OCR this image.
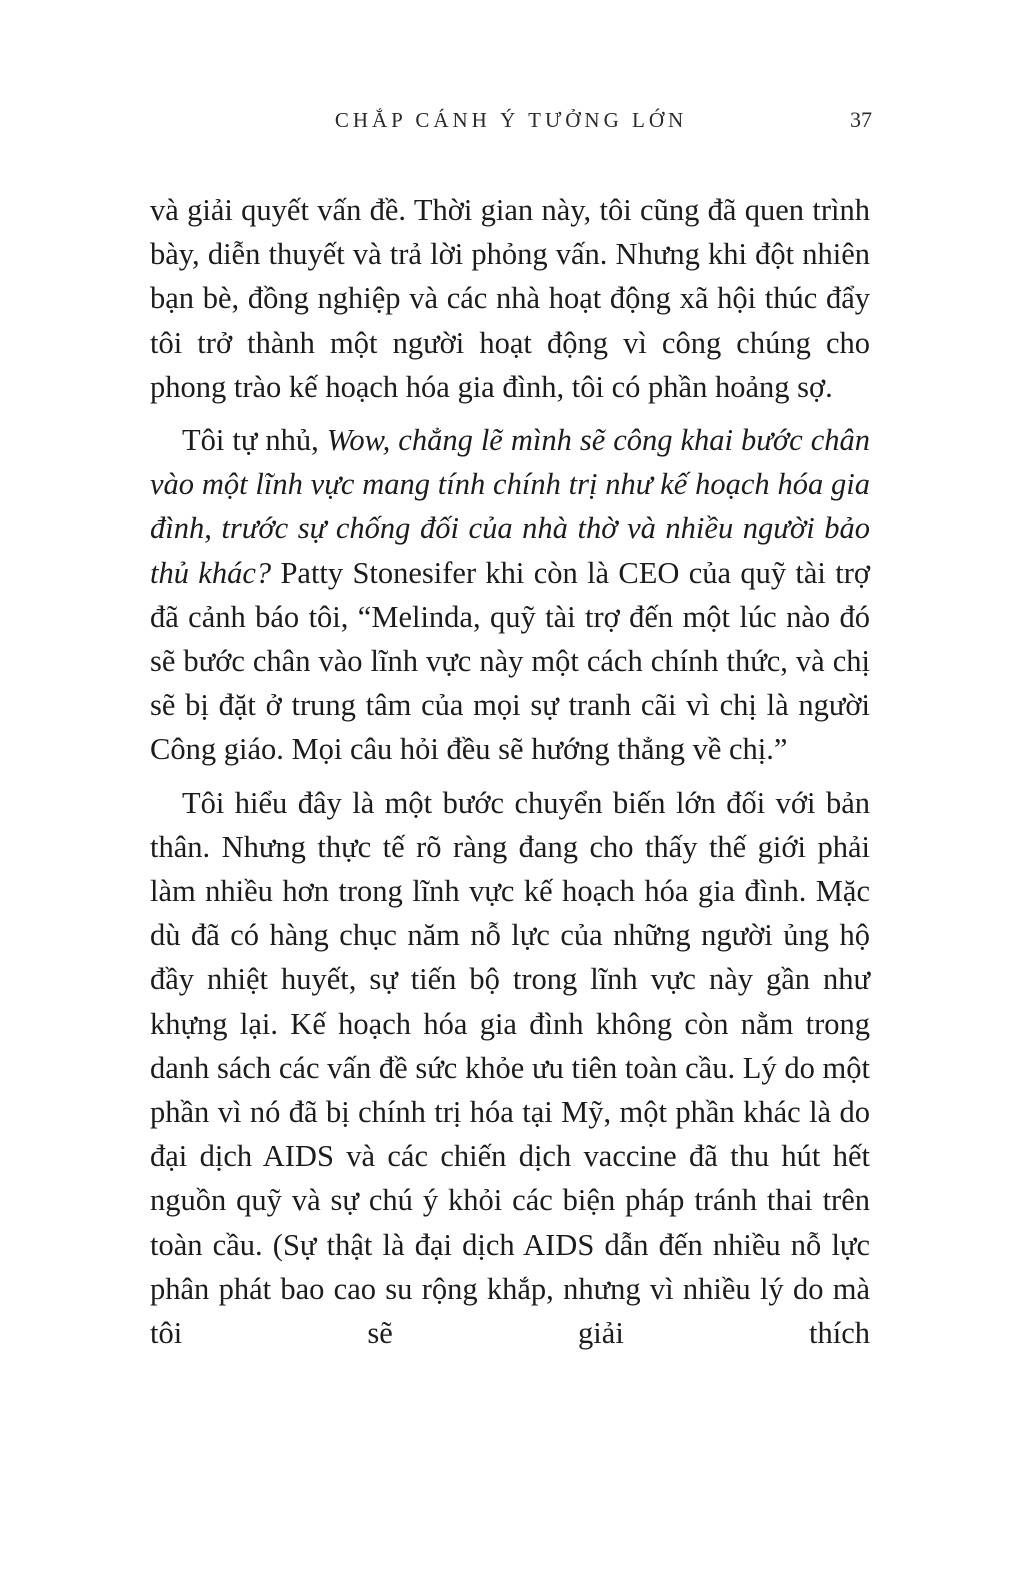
CHẮP CÁNH Ý TƯỞNG LỚN	37

và giải quyết vấn đề. Thời gian này, tôi cũng đã quen trình bày, diễn thuyết và trả lời phỏng vấn. Nhưng khi đột nhiên bạn bè, đồng nghiệp và các nhà hoạt động xã hội thúc đẩy tôi trở thành một người hoạt động vì công chúng cho phong trào kế hoạch hóa gia đình, tôi có phần hoảng sợ.

Tôi tự nhủ, Wow, chẳng lẽ mình sẽ công khai bước chân vào một lĩnh vực mang tính chính trị như kế hoạch hóa gia đình, trước sự chống đối của nhà thờ và nhiều người bảo thủ khác? Patty Stonesifer khi còn là CEO của quỹ tài trợ đã cảnh báo tôi, “Melinda, quỹ tài trợ đến một lúc nào đó sẽ bước chân vào lĩnh vực này một cách chính thức, và chị sẽ bị đặt ở trung tâm của mọi sự tranh cãi vì chị là người Công giáo. Mọi câu hỏi đều sẽ hướng thẳng về chị.”

Tôi hiểu đây là một bước chuyển biến lớn đối với bản thân. Nhưng thực tế rõ ràng đang cho thấy thế giới phải làm nhiều hơn trong lĩnh vực kế hoạch hóa gia đình. Mặc dù đã có hàng chục năm nỗ lực của những người ủng hộ đầy nhiệt huyết, sự tiến bộ trong lĩnh vực này gần như khựng lại. Kế hoạch hóa gia đình không còn nằm trong danh sách các vấn đề sức khỏe ưu tiên toàn cầu. Lý do một phần vì nó đã bị chính trị hóa tại Mỹ, một phần khác là do đại dịch AIDS và các chiến dịch vaccine đã thu hút hết nguồn quỹ và sự chú ý khỏi các biện pháp tránh thai trên toàn cầu. (Sự thật là đại dịch AIDS dẫn đến nhiều nỗ lực phân phát bao cao su rộng khắp, nhưng vì nhiều lý do mà tôi sẽ giải thích
